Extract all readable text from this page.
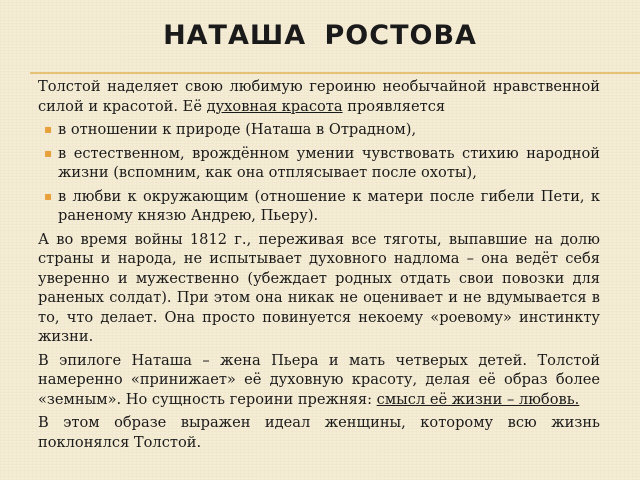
НАТАША РОСТОВА

Толстой наделяет свою любимую героиню необычайной нравственной силой и красотой. Её духовная красота проявляется

▪ в отношении к природе (Наташа в Отрадном),
▪ в естественном, врождённом умении чувствовать стихию народной жизни (вспомним, как она отплясывает после охоты),
▪ в любви к окружающим (отношение к матери после гибели Пети, к раненому князю Андрею, Пьеру).

А во время войны 1812 г., переживая все тяготы, выпавшие на долю страны и народа, не испытывает духовного надлома – она ведёт себя уверенно и мужественно (убеждает родных отдать свои повозки для раненых солдат). При этом она никак не оценивает и не вдумывается в то, что делает. Она просто повинуется некоему «роевому» инстинкту жизни.

В эпилоге Наташа – жена Пьера и мать четверых детей. Толстой намеренно «принижает» её духовную красоту, делая её образ более «земным». Но сущность героини прежняя: смысл её жизни – любовь.

В этом образе выражен идеал женщины, которому всю жизнь поклонялся Толстой.
